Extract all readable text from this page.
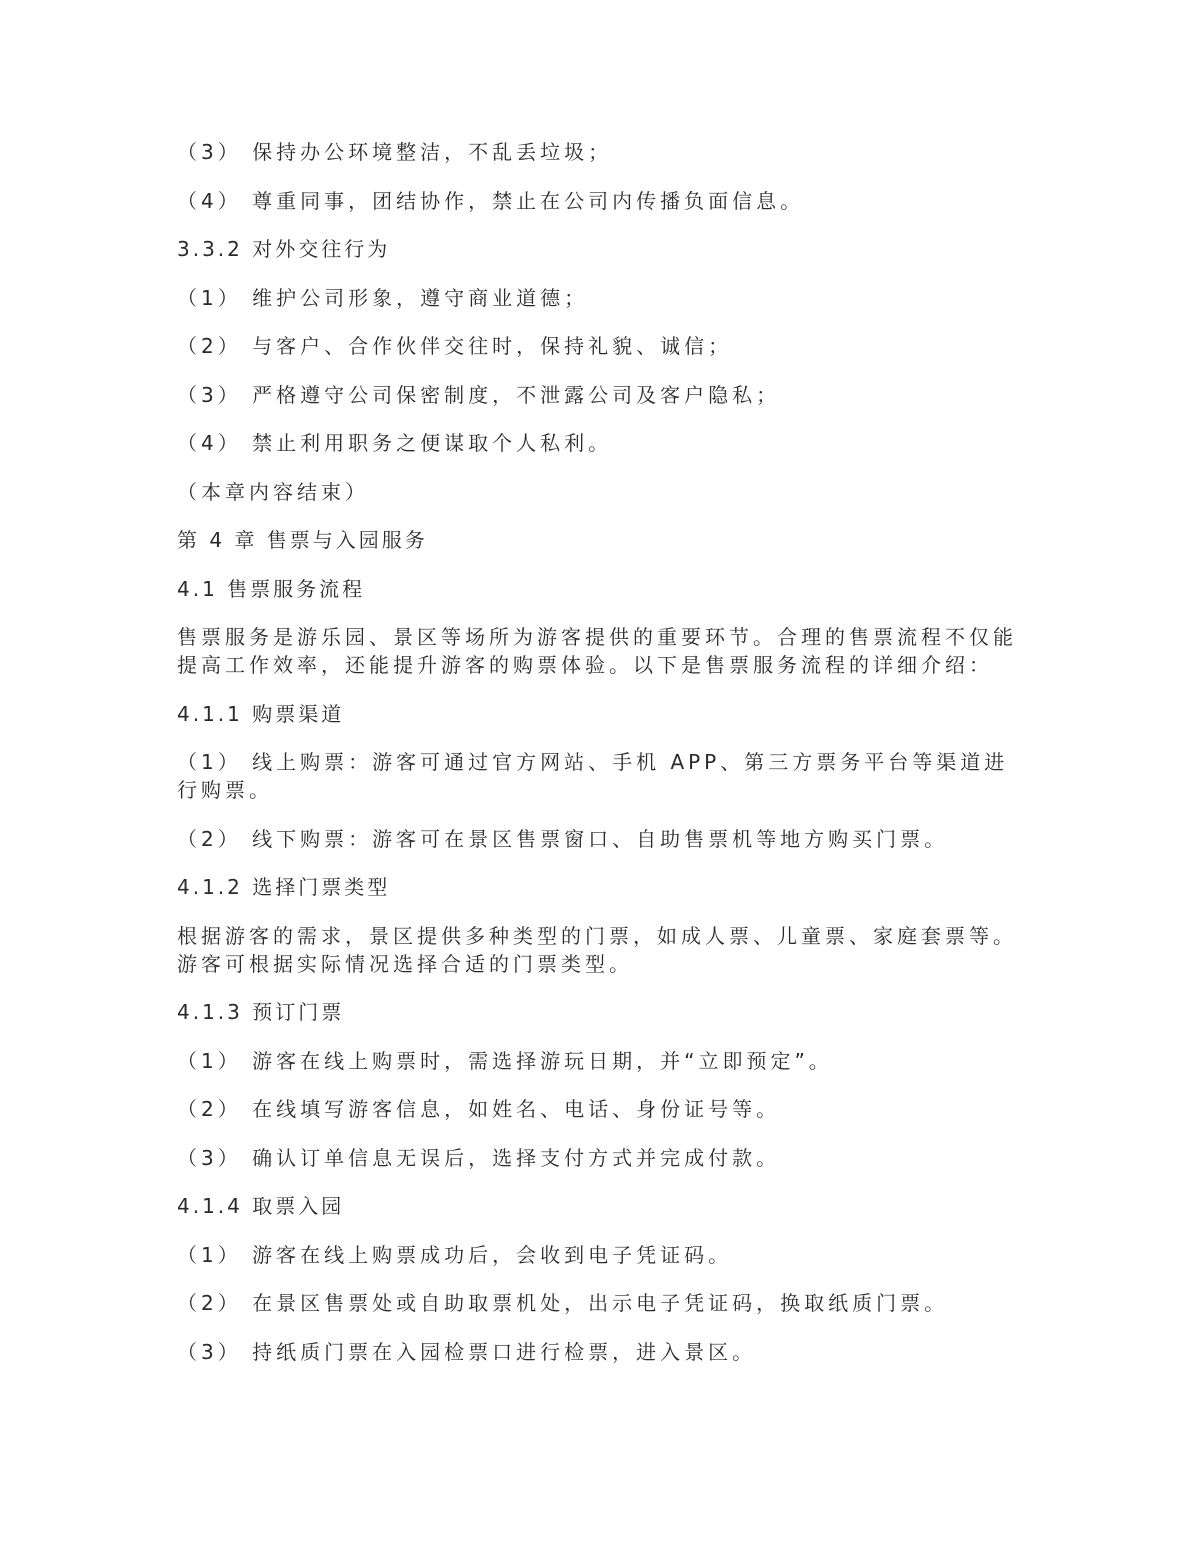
（3） 保持办公环境整洁，不乱丢垃圾；

（4） 尊重同事，团结协作，禁止在公司内传播负面信息。

3.3.2 对外交往行为

（1） 维护公司形象，遵守商业道德；

（2） 与客户、合作伙伴交往时，保持礼貌、诚信；

（3） 严格遵守公司保密制度，不泄露公司及客户隐私；

（4） 禁止利用职务之便谋取个人私利。

（本章内容结束）

第 4 章 售票与入园服务

4.1 售票服务流程

售票服务是游乐园、景区等场所为游客提供的重要环节。合理的售票流程不仅能提高工作效率，还能提升游客的购票体验。以下是售票服务流程的详细介绍：

4.1.1 购票渠道

（1） 线上购票：游客可通过官方网站、手机 APP、第三方票务平台等渠道进行购票。

（2） 线下购票：游客可在景区售票窗口、自助售票机等地方购买门票。

4.1.2 选择门票类型

根据游客的需求，景区提供多种类型的门票，如成人票、儿童票、家庭套票等。游客可根据实际情况选择合适的门票类型。

4.1.3 预订门票

（1） 游客在线上购票时，需选择游玩日期，并“立即预定”。

（2） 在线填写游客信息，如姓名、电话、身份证号等。

（3） 确认订单信息无误后，选择支付方式并完成付款。

4.1.4 取票入园

（1） 游客在线上购票成功后，会收到电子凭证码。

（2） 在景区售票处或自助取票机处，出示电子凭证码，换取纸质门票。

（3） 持纸质门票在入园检票口进行检票，进入景区。
